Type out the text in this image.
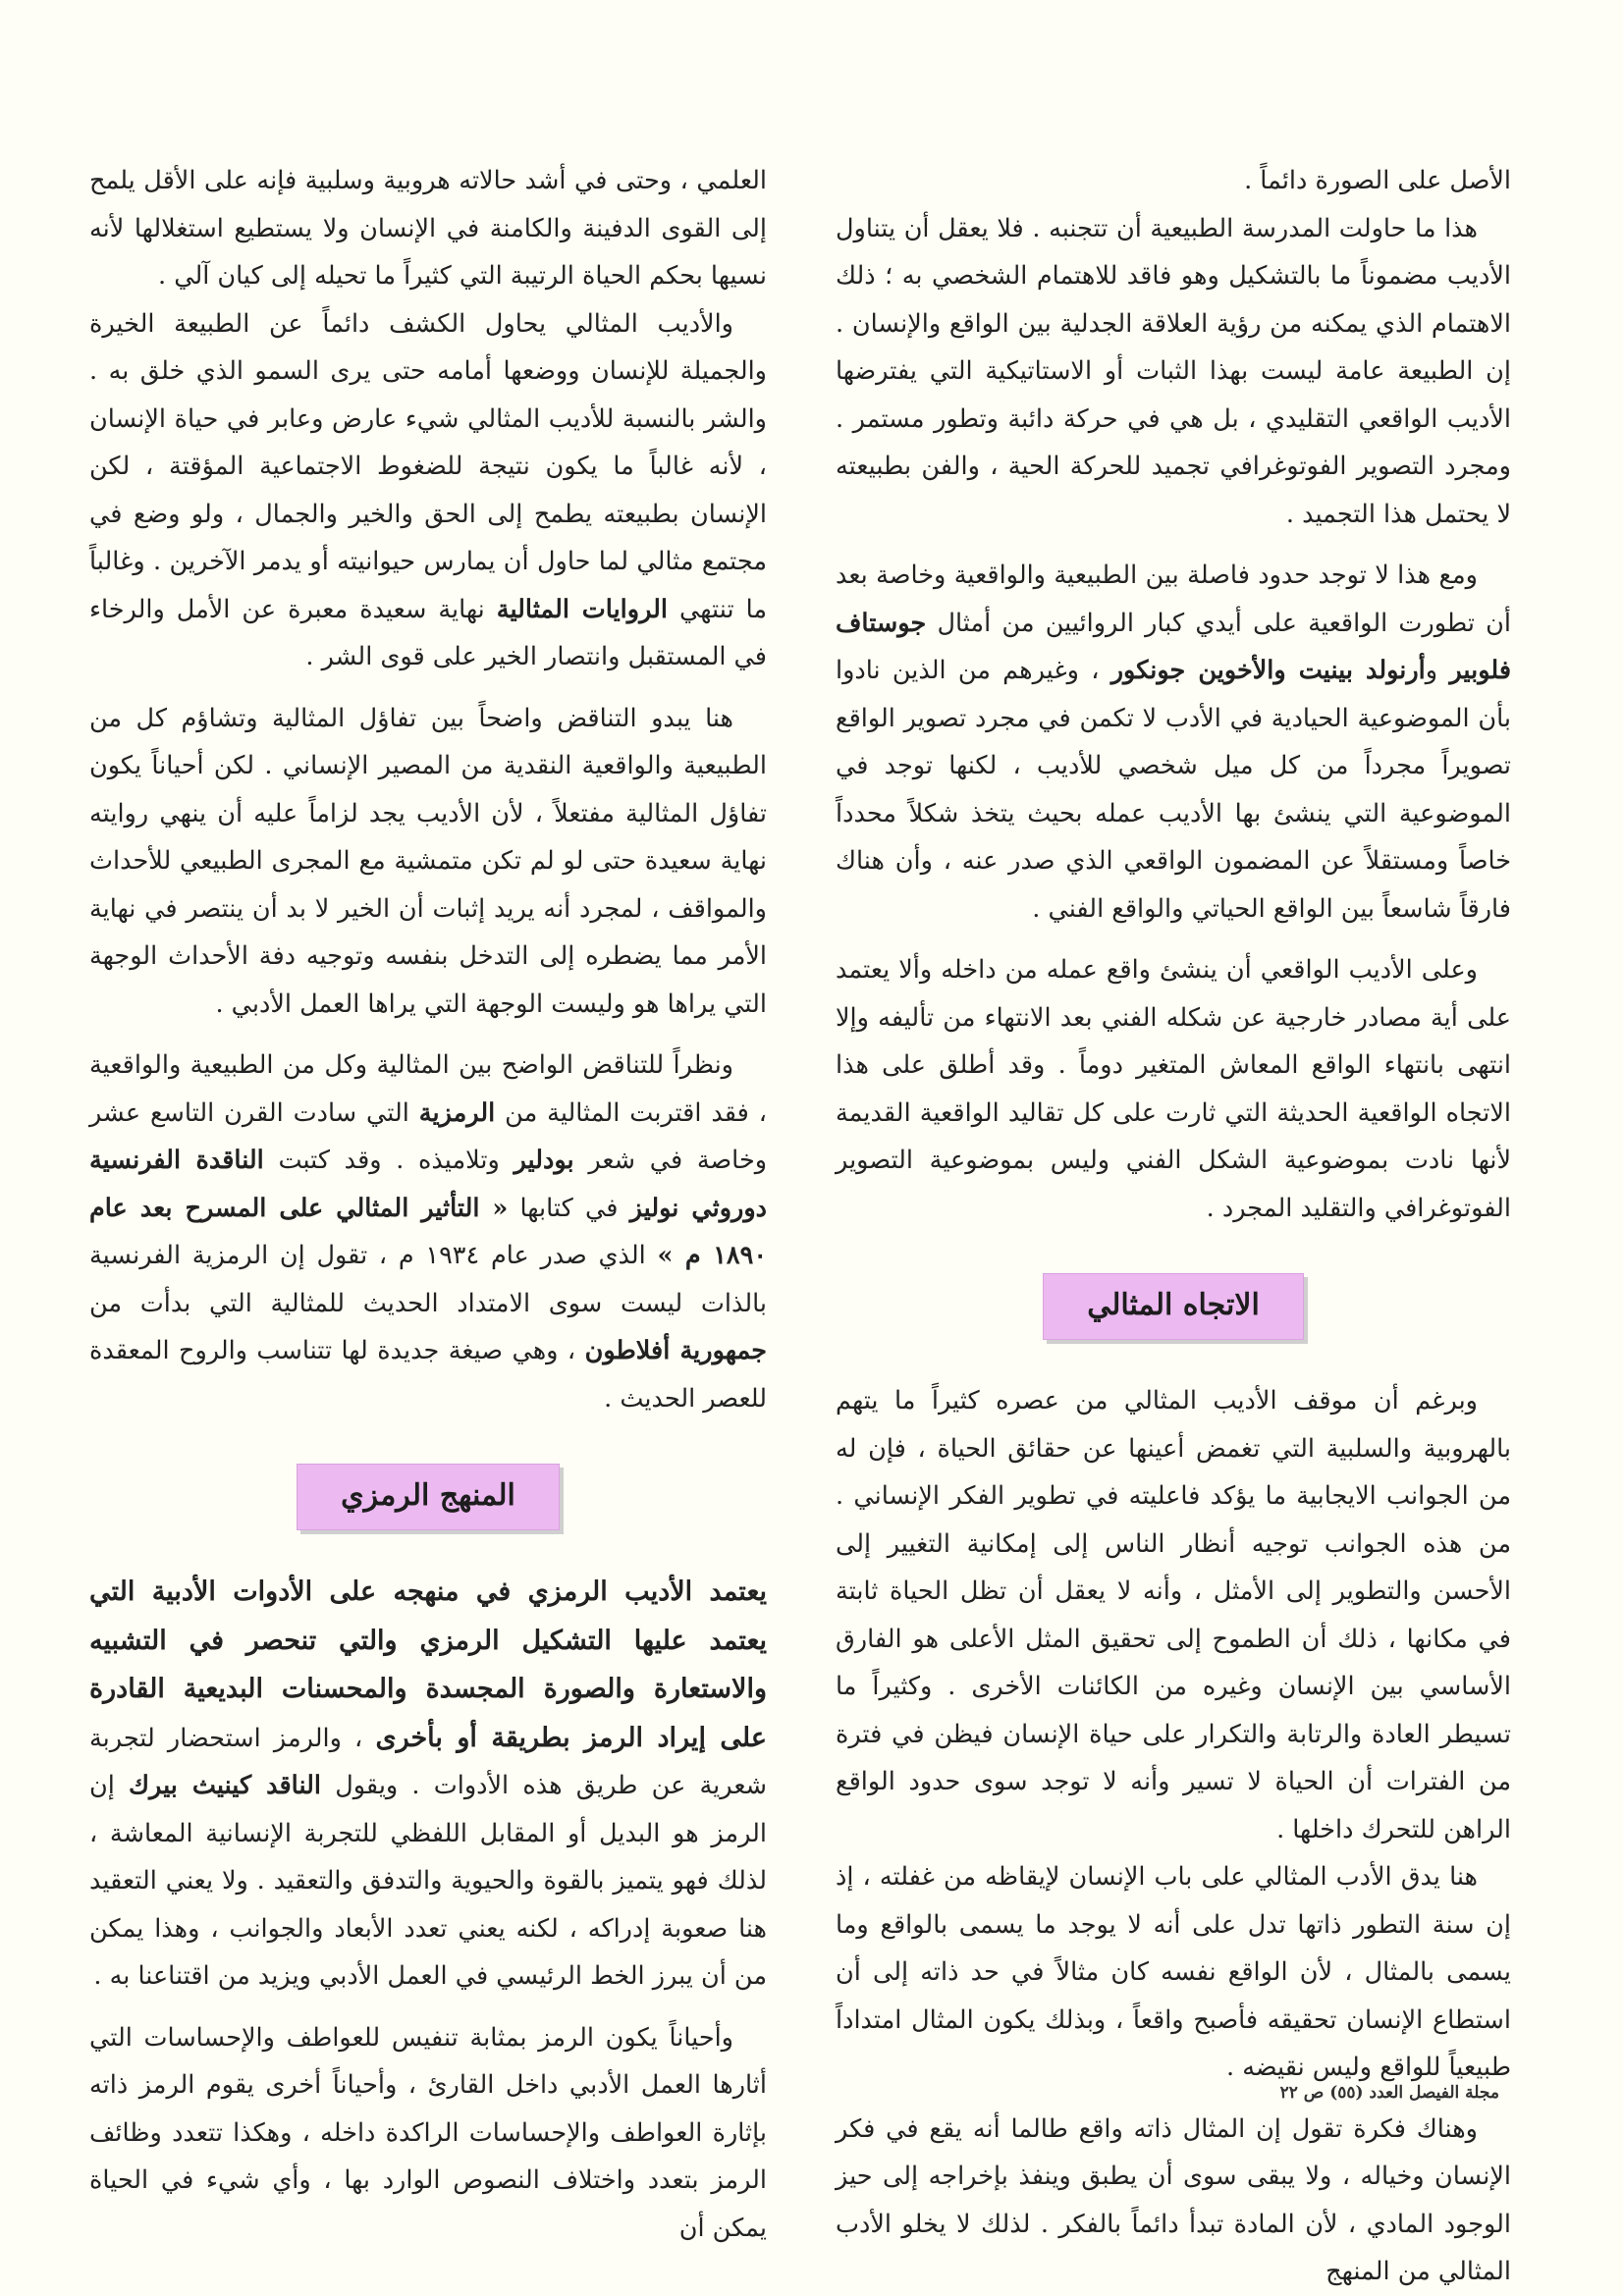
الأصل على الصورة دائماً .

هذا ما حاولت المدرسة الطبيعية أن تتجنبه . فلا يعقل أن يتناول الأديب مضموناً ما بالتشكيل وهو فاقد للاهتمام الشخصي به ؛ ذلك الاهتمام الذي يمكنه من رؤية العلاقة الجدلية بين الواقع والإنسان . إن الطبيعة عامة ليست بهذا الثبات أو الاستاتيكية التي يفترضها الأديب الواقعي التقليدي ، بل هي في حركة دائبة وتطور مستمر . ومجرد التصوير الفوتوغرافي تجميد للحركة الحية ، والفن بطبيعته لا يحتمل هذا التجميد .

ومع هذا لا توجد حدود فاصلة بين الطبيعية والواقعية وخاصة بعد أن تطورت الواقعية على أيدي كبار الروائيين من أمثال جوستاف فلوبير وأرنولد بينيت والأخوين جونكور ، وغيرهم من الذين نادوا بأن الموضوعية الحيادية في الأدب لا تكمن في مجرد تصوير الواقع تصويراً مجرداً من كل ميل شخصي للأديب ، لكنها توجد في الموضوعية التي ينشئ بها الأديب عمله بحيث يتخذ شكلاً محدداً خاصاً ومستقلاً عن المضمون الواقعي الذي صدر عنه ، وأن هناك فارقاً شاسعاً بين الواقع الحياتي والواقع الفني .

وعلى الأديب الواقعي أن ينشئ واقع عمله من داخله وألا يعتمد على أية مصادر خارجية عن شكله الفني بعد الانتهاء من تأليفه وإلا انتهى بانتهاء الواقع المعاش المتغير دوماً . وقد أطلق على هذا الاتجاه الواقعية الحديثة التي ثارت على كل تقاليد الواقعية القديمة لأنها نادت بموضوعية الشكل الفني وليس بموضوعية التصوير الفوتوغرافي والتقليد المجرد .

الاتجاه المثالي

وبرغم أن موقف الأديب المثالي من عصره كثيراً ما يتهم بالهروبية والسلبية التي تغمض أعينها عن حقائق الحياة ، فإن له من الجوانب الايجابية ما يؤكد فاعليته في تطوير الفكر الإنساني . من هذه الجوانب توجيه أنظار الناس إلى إمكانية التغيير إلى الأحسن والتطوير إلى الأمثل ، وأنه لا يعقل أن تظل الحياة ثابتة في مكانها ، ذلك أن الطموح إلى تحقيق المثل الأعلى هو الفارق الأساسي بين الإنسان وغيره من الكائنات الأخرى . وكثيراً ما تسيطر العادة والرتابة والتكرار على حياة الإنسان فيظن في فترة من الفترات أن الحياة لا تسير وأنه لا توجد سوى حدود الواقع الراهن للتحرك داخلها .

هنا يدق الأدب المثالي على باب الإنسان لإيقاظه من غفلته ، إذ إن سنة التطور ذاتها تدل على أنه لا يوجد ما يسمى بالواقع وما يسمى بالمثال ، لأن الواقع نفسه كان مثالاً في حد ذاته إلى أن استطاع الإنسان تحقيقه فأصبح واقعاً ، وبذلك يكون المثال امتداداً طبيعياً للواقع وليس نقيضه .

وهناك فكرة تقول إن المثال ذاته واقع طالما أنه يقع في فكر الإنسان وخياله ، ولا يبقى سوى أن يطبق وينفذ بإخراجه إلى حيز الوجود المادي ، لأن المادة تبدأ دائماً بالفكر . لذلك لا يخلو الأدب المثالي من المنهج

العلمي ، وحتى في أشد حالاته هروبية وسلبية فإنه على الأقل يلمح إلى القوى الدفينة والكامنة في الإنسان ولا يستطيع استغلالها لأنه نسيها بحكم الحياة الرتيبة التي كثيراً ما تحيله إلى كيان آلي .

والأديب المثالي يحاول الكشف دائماً عن الطبيعة الخيرة والجميلة للإنسان ووضعها أمامه حتى يرى السمو الذي خلق به . والشر بالنسبة للأديب المثالي شيء عارض وعابر في حياة الإنسان ، لأنه غالباً ما يكون نتيجة للضغوط الاجتماعية المؤقتة ، لكن الإنسان بطبيعته يطمح إلى الحق والخير والجمال ، ولو وضع في مجتمع مثالي لما حاول أن يمارس حيوانيته أو يدمر الآخرين . وغالباً ما تنتهي الروايات المثالية نهاية سعيدة معبرة عن الأمل والرخاء في المستقبل وانتصار الخير على قوى الشر .

هنا يبدو التناقض واضحاً بين تفاؤل المثالية وتشاؤم كل من الطبيعية والواقعية النقدية من المصير الإنساني . لكن أحياناً يكون تفاؤل المثالية مفتعلاً ، لأن الأديب يجد لزاماً عليه أن ينهي روايته نهاية سعيدة حتى لو لم تكن متمشية مع المجرى الطبيعي للأحداث والمواقف ، لمجرد أنه يريد إثبات أن الخير لا بد أن ينتصر في نهاية الأمر مما يضطره إلى التدخل بنفسه وتوجيه دفة الأحداث الوجهة التي يراها هو وليست الوجهة التي يراها العمل الأدبي .

ونظراً للتناقض الواضح بين المثالية وكل من الطبيعية والواقعية ، فقد اقتربت المثالية من الرمزية التي سادت القرن التاسع عشر وخاصة في شعر بودلير وتلاميذه . وقد كتبت الناقدة الفرنسية دوروثي نوليز في كتابها « التأثير المثالي على المسرح بعد عام ١٨٩٠ م » الذي صدر عام ١٩٣٤ م ، تقول إن الرمزية الفرنسية بالذات ليست سوى الامتداد الحديث للمثالية التي بدأت من جمهورية أفلاطون ، وهي صيغة جديدة لها تتناسب والروح المعقدة للعصر الحديث .

المنهج الرمزي

يعتمد الأديب الرمزي في منهجه على الأدوات الأدبية التي يعتمد عليها التشكيل الرمزي والتي تنحصر في التشبيه والاستعارة والصورة المجسدة والمحسنات البديعية القادرة على إيراد الرمز بطريقة أو بأخرى ، والرمز استحضار لتجربة شعرية عن طريق هذه الأدوات . ويقول الناقد كينيث بيرك إن الرمز هو البديل أو المقابل اللفظي للتجربة الإنسانية المعاشة ، لذلك فهو يتميز بالقوة والحيوية والتدفق والتعقيد . ولا يعني التعقيد هنا صعوبة إدراكه ، لكنه يعني تعدد الأبعاد والجوانب ، وهذا يمكن من أن يبرز الخط الرئيسي في العمل الأدبي ويزيد من اقتناعنا به .

وأحياناً يكون الرمز بمثابة تنفيس للعواطف والإحساسات التي أثارها العمل الأدبي داخل القارئ ، وأحياناً أخرى يقوم الرمز ذاته بإثارة العواطف والإحساسات الراكدة داخله ، وهكذا تتعدد وظائف الرمز بتعدد واختلاف النصوص الوارد بها ، وأي شيء في الحياة يمكن أن

مجلة الفيصل العدد (٥٥) ص ٢٢
